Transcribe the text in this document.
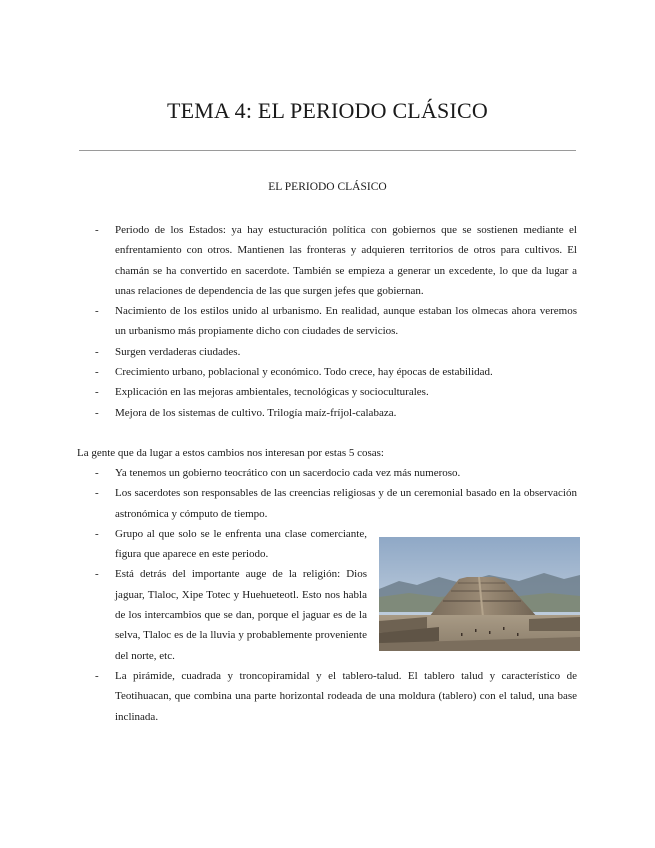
TEMA 4: EL PERIODO CLÁSICO
EL PERIODO CLÁSICO
- Periodo de los Estados: ya hay estucturación política con gobiernos que se sostienen mediante el enfrentamiento con otros. Mantienen las fronteras y adquieren territorios de otros para cultivos. El chamán se ha convertido en sacerdote. También se empieza a generar un excedente, lo que da lugar a unas relaciones de dependencia de las que surgen jefes que gobiernan.
- Nacimiento de los estilos unido al urbanismo. En realidad, aunque estaban los olmecas ahora veremos un urbanismo más propiamente dicho con ciudades de servicios.
- Surgen verdaderas ciudades.
- Crecimiento urbano, poblacional y económico. Todo crece, hay épocas de estabilidad.
- Explicación en las mejoras ambientales, tecnológicas y socioculturales.
- Mejora de los sistemas de cultivo. Trilogía maíz-fríjol-calabaza.
La gente que da lugar a estos cambios nos interesan por estas 5 cosas:
- Ya tenemos un gobierno teocrático con un sacerdocio cada vez más numeroso.
- Los sacerdotes son responsables de las creencias religiosas y de un ceremonial basado en la observación astronómica y cómputo de tiempo.
- Grupo al que solo se le enfrenta una clase comerciante, figura que aparece en este periodo.
- Está detrás del importante auge de la religión: Dios jaguar, Tlaloc, Xipe Totec y Huehueteotl. Esto nos habla de los intercambios que se dan, porque el jaguar es de la selva, Tlaloc es de la lluvia y probablemente proveniente del norte, etc.
- La pirámide, cuadrada y troncopiramidal y el tablero-talud. El tablero talud y característico de Teotihuacan, que combina una parte horizontal rodeada de una moldura (tablero) con el talud, una base inclinada.
